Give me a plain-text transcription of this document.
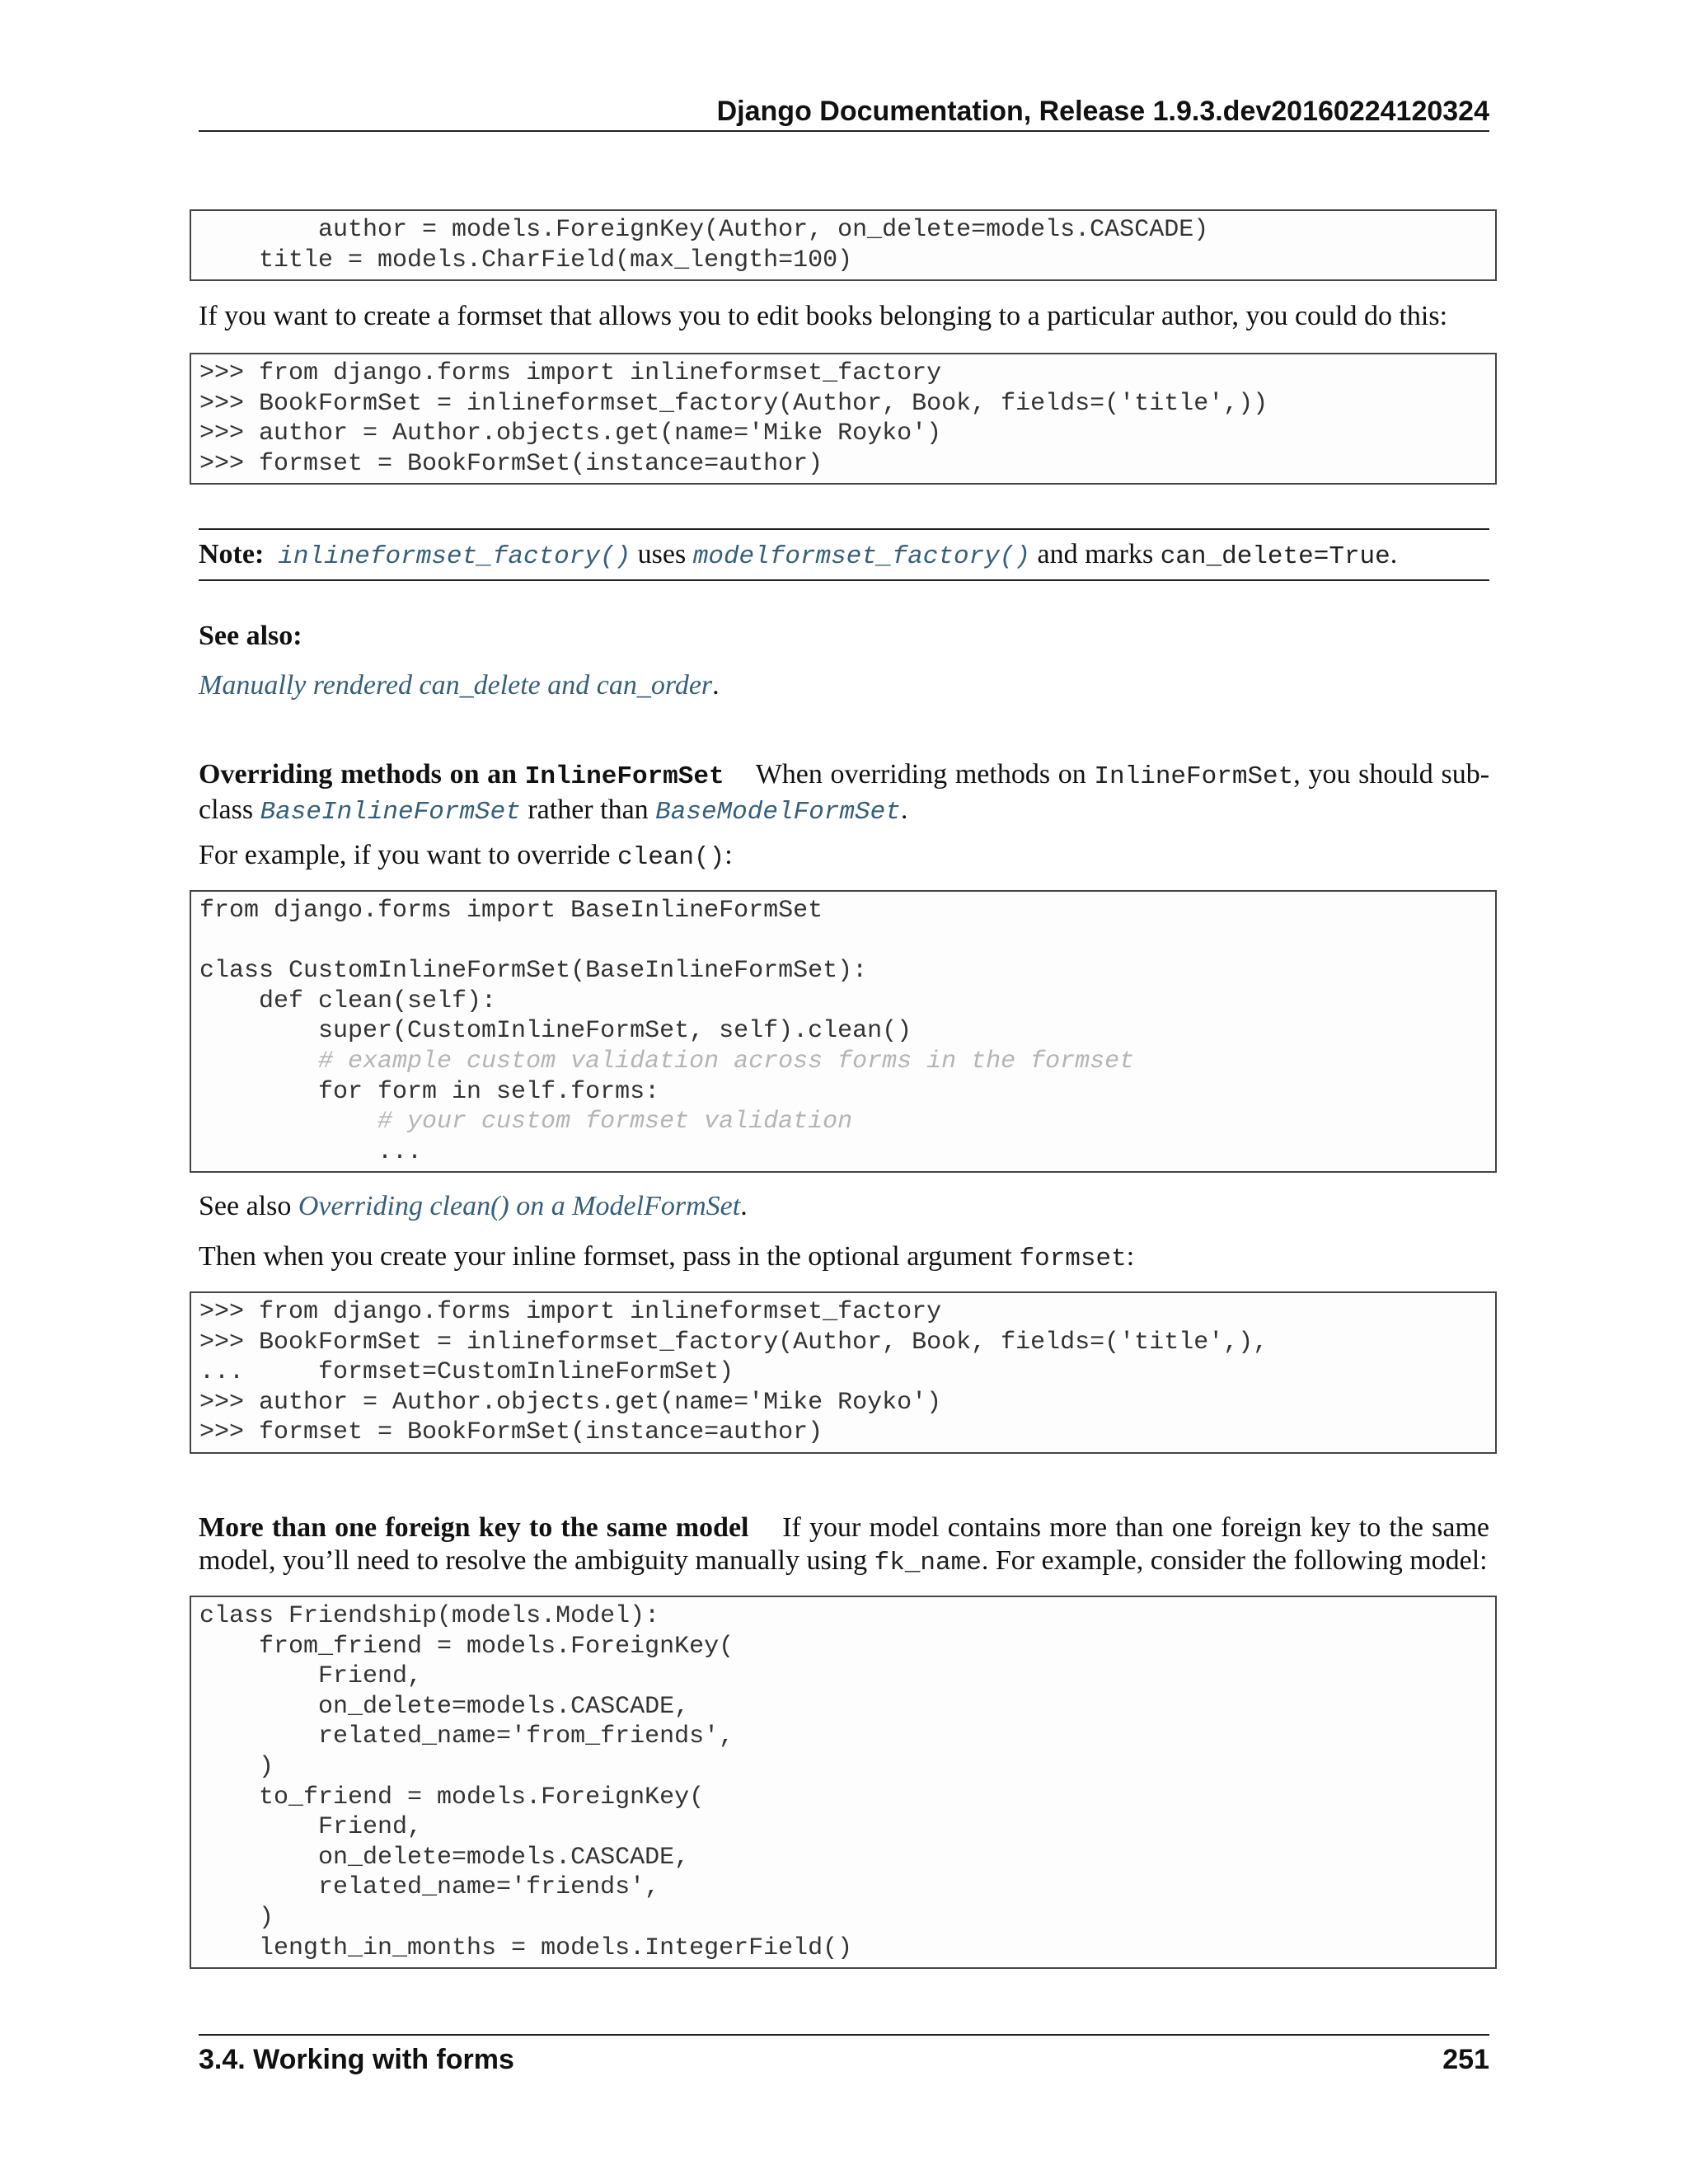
Django Documentation, Release 1.9.3.dev20160224120324
author = models.ForeignKey(Author, on_delete=models.CASCADE)
title = models.CharField(max_length=100)

If you want to create a formset that allows you to edit books belonging to a particular author, you could do this:

>>> from django.forms import inlineformset_factory
>>> BookFormSet = inlineformset_factory(Author, Book, fields=('title',))
>>> author = Author.objects.get(name='Mike Royko')
>>> formset = BookFormSet(instance=author)
Note: inlineformset_factory() uses modelformset_factory() and marks can_delete=True.
See also:
Manually rendered can_delete and can_order.

Overriding methods on an InlineFormSet When overriding methods on InlineFormSet, you should sub-class BaseInlineFormSet rather than BaseModelFormSet.

For example, if you want to override clean():

from django.forms import BaseInlineFormSet

class CustomInlineFormSet(BaseInlineFormSet):
def clean(self):
super(CustomInlineFormSet, self).clean()
# example custom validation across forms in the formset
for form in self.forms:
# your custom formset validation
...

See also Overriding clean() on a ModelFormSet.

Then when you create your inline formset, pass in the optional argument formset:

>>> from django.forms import inlineformset_factory
>>> BookFormSet = inlineformset_factory(Author, Book, fields=('title',),
...     formset=CustomInlineFormSet)
>>> author = Author.objects.get(name='Mike Royko')
>>> formset = BookFormSet(instance=author)

More than one foreign key to the same model If your model contains more than one foreign key to the same model, you’ll need to resolve the ambiguity manually using fk_name. For example, consider the following model:

class Friendship(models.Model):
from_friend = models.ForeignKey(
Friend,
on_delete=models.CASCADE,
related_name='from_friends',
)
to_friend = models.ForeignKey(
Friend,
on_delete=models.CASCADE,
related_name='friends',
)
length_in_months = models.IntegerField()
3.4. Working with forms	251
